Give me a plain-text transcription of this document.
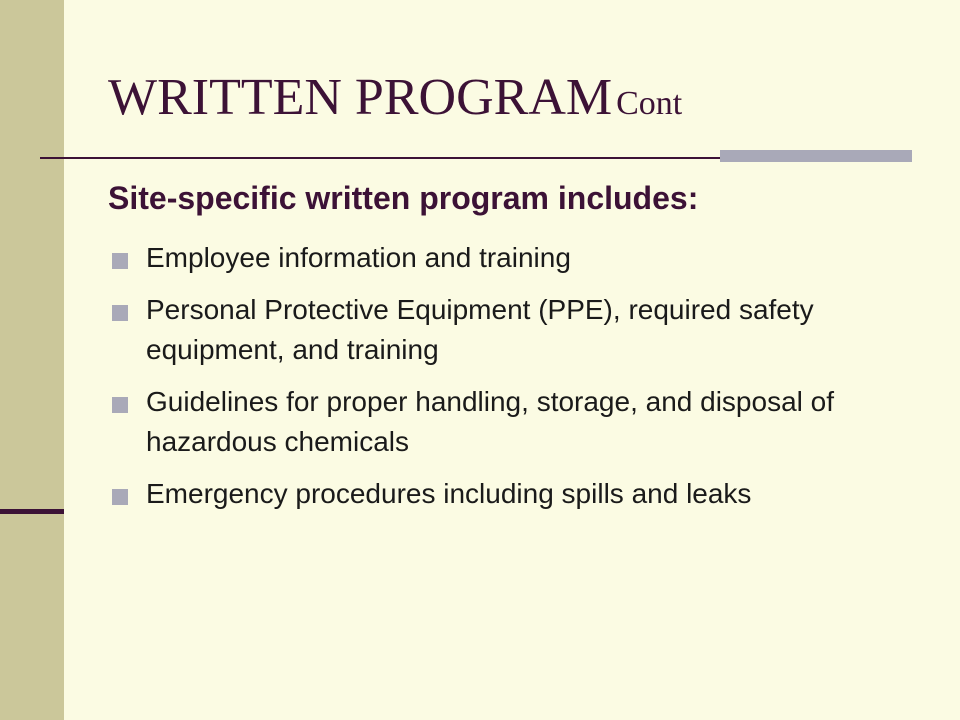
WRITTEN PROGRAM Cont
Site-specific written program includes:
Employee information and training
Personal Protective Equipment (PPE), required safety equipment, and training
Guidelines for proper handling, storage, and disposal of hazardous chemicals
Emergency procedures including spills and leaks
